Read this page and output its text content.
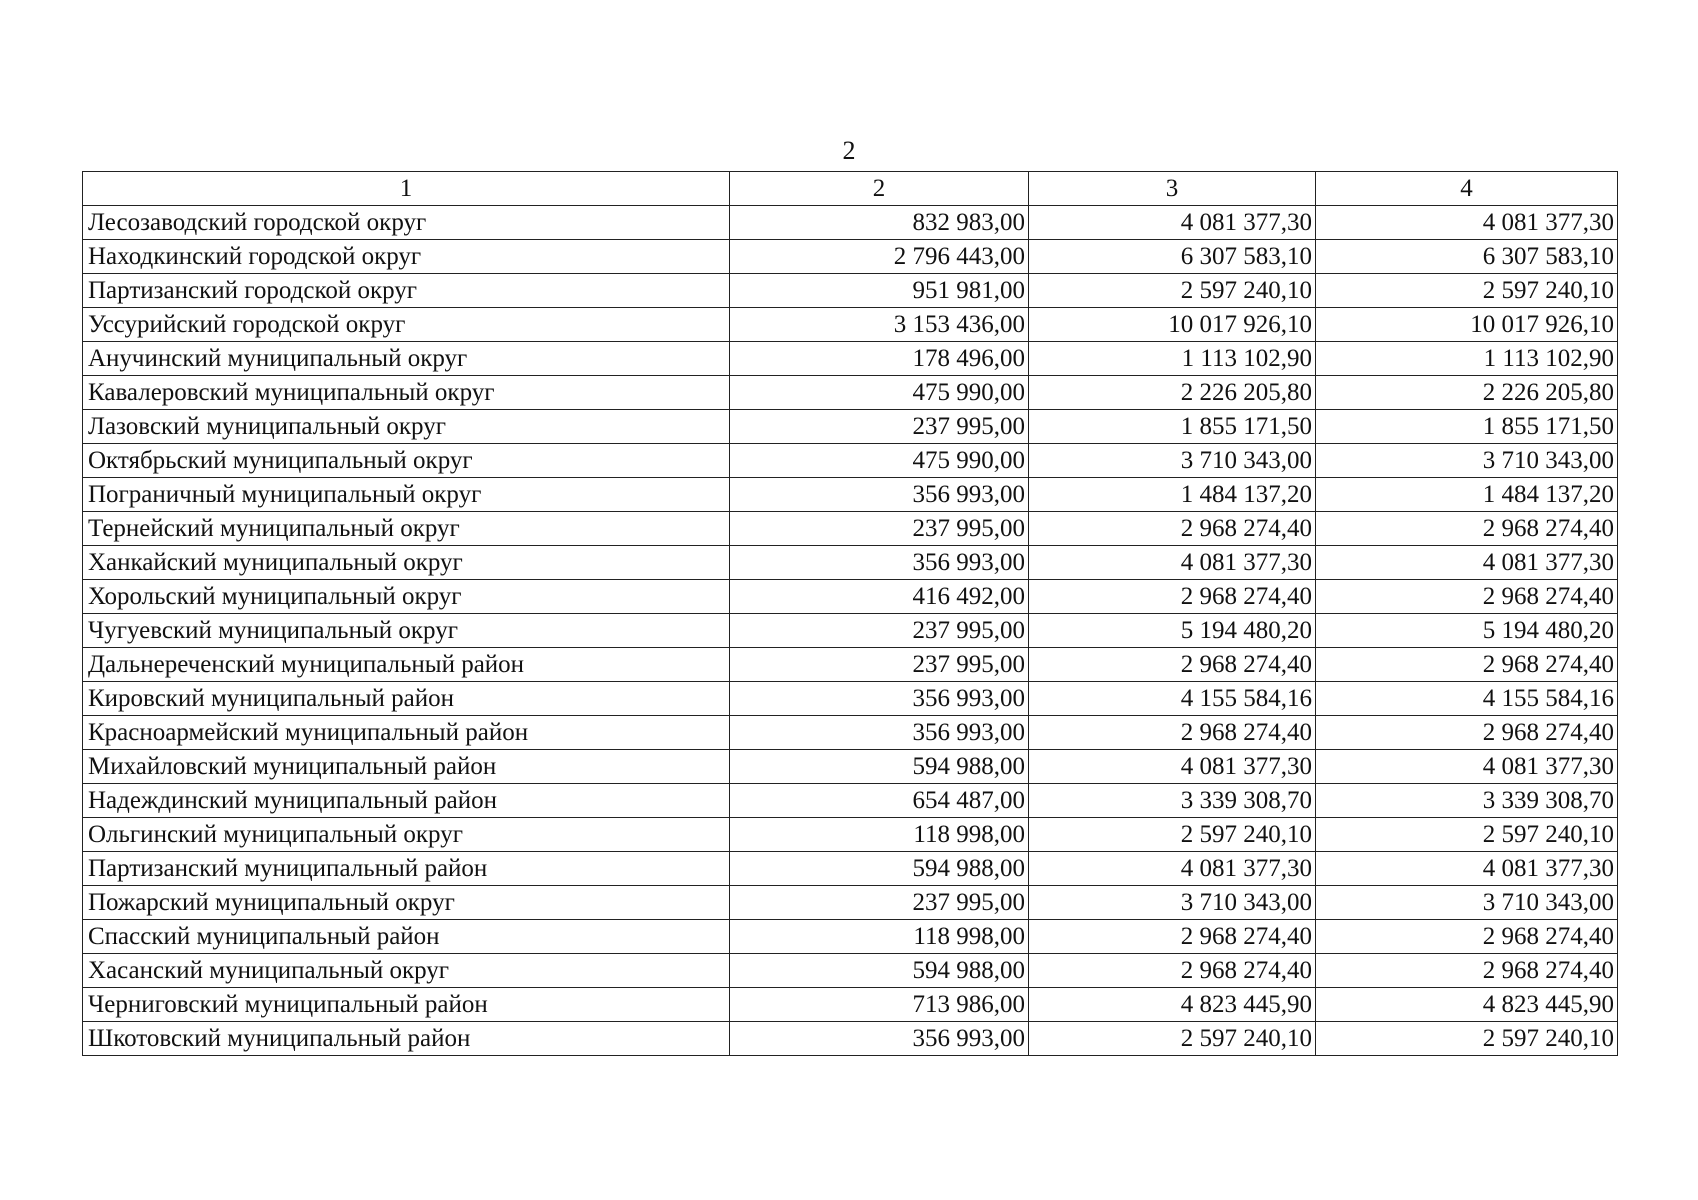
2
1	2	3	4
Лесозаводский городской округ	832 983,00	4 081 377,30	4 081 377,30
Находкинский городской округ	2 796 443,00	6 307 583,10	6 307 583,10
Партизанский городской округ	951 981,00	2 597 240,10	2 597 240,10
Уссурийский городской округ	3 153 436,00	10 017 926,10	10 017 926,10
Анучинский муниципальный округ	178 496,00	1 113 102,90	1 113 102,90
Кавалеровский муниципальный округ	475 990,00	2 226 205,80	2 226 205,80
Лазовский муниципальный округ	237 995,00	1 855 171,50	1 855 171,50
Октябрьский муниципальный округ	475 990,00	3 710 343,00	3 710 343,00
Пограничный муниципальный округ	356 993,00	1 484 137,20	1 484 137,20
Тернейский муниципальный округ	237 995,00	2 968 274,40	2 968 274,40
Ханкайский муниципальный округ	356 993,00	4 081 377,30	4 081 377,30
Хорольский муниципальный округ	416 492,00	2 968 274,40	2 968 274,40
Чугуевский муниципальный округ	237 995,00	5 194 480,20	5 194 480,20
Дальнереченский муниципальный район	237 995,00	2 968 274,40	2 968 274,40
Кировский муниципальный район	356 993,00	4 155 584,16	4 155 584,16
Красноармейский муниципальный район	356 993,00	2 968 274,40	2 968 274,40
Михайловский муниципальный район	594 988,00	4 081 377,30	4 081 377,30
Надеждинский муниципальный район	654 487,00	3 339 308,70	3 339 308,70
Ольгинский муниципальный округ	118 998,00	2 597 240,10	2 597 240,10
Партизанский муниципальный район	594 988,00	4 081 377,30	4 081 377,30
Пожарский муниципальный округ	237 995,00	3 710 343,00	3 710 343,00
Спасский муниципальный район	118 998,00	2 968 274,40	2 968 274,40
Хасанский муниципальный округ	594 988,00	2 968 274,40	2 968 274,40
Черниговский муниципальный район	713 986,00	4 823 445,90	4 823 445,90
Шкотовский муниципальный район	356 993,00	2 597 240,10	2 597 240,10
